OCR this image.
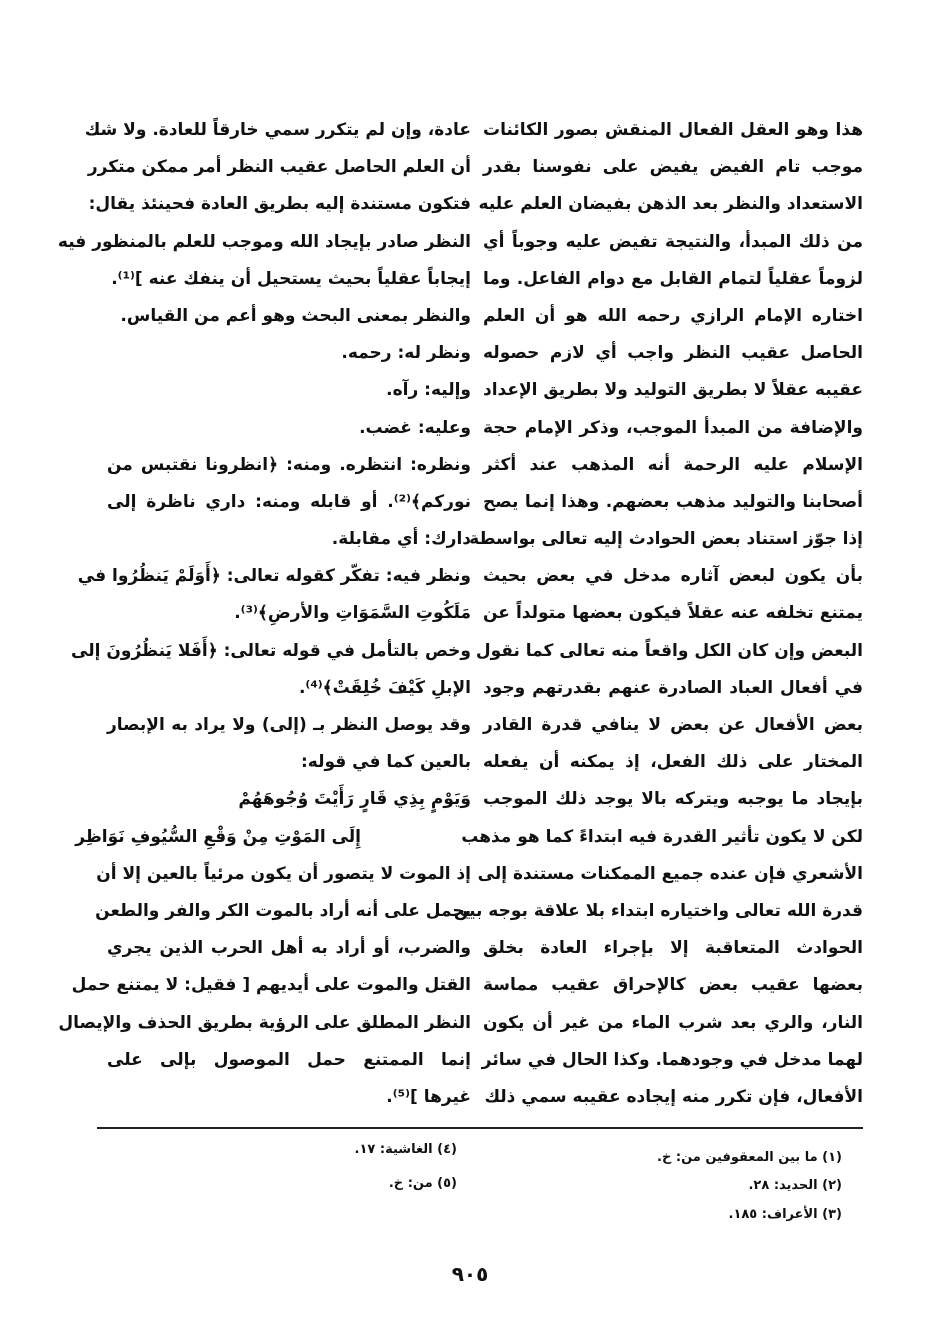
هذا وهو العقل الفعال المنقش بصور الكائنات
موجب تام الفيض يفيض على نفوسنا بقدر
الاستعداد والنظر بعد الذهن بفيضان العلم عليه
من ذلك المبدأ، والنتيجة تفيض عليه وجوباً أي
لزوماً عقلياً لتمام القابل مع دوام الفاعل. وما
اختاره الإمام الرازي رحمه الله هو أن العلم
الحاصل عقيب النظر واجب أي لازم حصوله
عقيبه عقلاً لا بطريق التوليد ولا بطريق الإعداد
والإضافة من المبدأ الموجب، وذكر الإمام حجة
الإسلام عليه الرحمة أنه المذهب عند أكثر
أصحابنا والتوليد مذهب بعضهم. وهذا إنما يصح
إذا جوّز استناد بعض الحوادث إليه تعالى بواسطة
بأن يكون لبعض آثاره مدخل في بعض بحيث
يمتنع تخلفه عنه عقلاً فيكون بعضها متولداً عن
البعض وإن كان الكل واقعاً منه تعالى كما نقول
في أفعال العباد الصادرة عنهم بقدرتهم وجود
بعض الأفعال عن بعض لا ينافي قدرة القادر
المختار على ذلك الفعل، إذ يمكنه أن يفعله
بإيجاد ما يوجبه ويتركه بالا يوجد ذلك الموجب
لكن لا يكون تأثير القدرة فيه ابتداءً كما هو مذهب
الأشعري فإن عنده جميع الممكنات مستندة إلى
قدرة الله تعالى واختياره ابتداء بلا علاقة بوجه بين
الحوادث المتعاقبة إلا بإجراء العادة بخلق
بعضها عقيب بعض كالإحراق عقيب مماسة
النار، والري بعد شرب الماء من غير أن يكون
لهما مدخل في وجودهما. وكذا الحال في سائر
الأفعال، فإن تكرر منه إيجاده عقيبه سمي ذلك
عادة، وإن لم يتكرر سمي خارقاً للعادة. ولا شك
أن العلم الحاصل عقيب النظر أمر ممكن متكرر
فتكون مستندة إليه بطريق العادة فحينئذ يقال:
النظر صادر بإيجاد الله وموجب للعلم بالمنظور فيه
إيجاباً عقلياً بحيث يستحيل أن ينفك عنه ]⁽¹⁾.
والنظر بمعنى البحث وهو أعم من القياس.
ونظر له: رحمه.
وإليه: رآه.
وعليه: غضب.
ونظره: انتظره. ومنه: ﴿انظرونا نقتبس من
نوركم﴾⁽²⁾. أو قابله ومنه: داري ناظرة إلى
دارك: أي مقابلة.
ونظر فيه: تفكّر كقوله تعالى: ﴿أَوَلَمْ يَنظُرُوا في
مَلَكُوتِ السَّمَوَاتِ والأرضِ﴾⁽³⁾.
وخص بالتأمل في قوله تعالى: ﴿أَفَلا يَنظُرُونَ إلى
الإبلِ كَيْفَ خُلِقَتْ﴾⁽⁴⁾.
وقد يوصل النظر بـ (إلى) ولا يراد به الإبصار
بالعين كما في قوله:
وَيَوْمٍ بِذِي قَارٍ رَأَيْتَ وُجُوهَهُمْ
إِلَى المَوْتِ مِنْ وَقْعِ السُّيُوفِ نَوَاظِر
إذ الموت لا يتصور أن يكون مرئياً بالعين إلا أن
يحمل على أنه أراد بالموت الكر والفر والطعن
والضرب، أو أراد به أهل الحرب الذين يجري
القتل والموت على أيديهم [ فقيل: لا يمتنع حمل
النظر المطلق على الرؤية بطريق الحذف والإيصال
إنما الممتنع حمل الموصول بإلى على
غيرها ]⁽⁵⁾.
(١) ما بين المعقوفين من: خ.
(٢) الحديد: ٢٨.
(٣) الأعراف: ١٨٥.
(٤) الغاشية: ١٧.
(٥) من: خ.
٩٠٥
